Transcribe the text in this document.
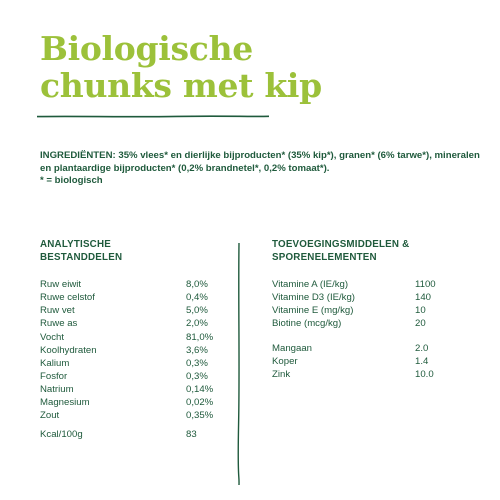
Biologische
chunks met kip

INGREDIËNTEN: 35% vlees* en dierlijke bijproducten* (35% kip*), granen* (6% tarwe*), mineralen en plantaardige bijproducten* (0,2% brandnetel*, 0,2% tomaat*).

* = biologisch

ANALYTISCHE
BESTANDDELEN
TOEVOEGINGSMIDDELEN &
SPORENELEMENTEN
Ruw eiwit	8,0%
Ruwe celstof	0,4%
Ruw vet	5,0%
Ruwe as	2,0%
Vocht	81,0%
Koolhydraten	3,6%
Kalium	0,3%
Fosfor	0,3%
Natrium	0,14%
Magnesium	0,02%
Zout	0,35%
Kcal/100g	83
Vitamine A (IE/kg)	1100
Vitamine D3 (IE/kg)	140
Vitamine E (mg/kg)	10
Biotine (mcg/kg)	20
Mangaan	2.0
Koper	1.4
Zink	10.0
